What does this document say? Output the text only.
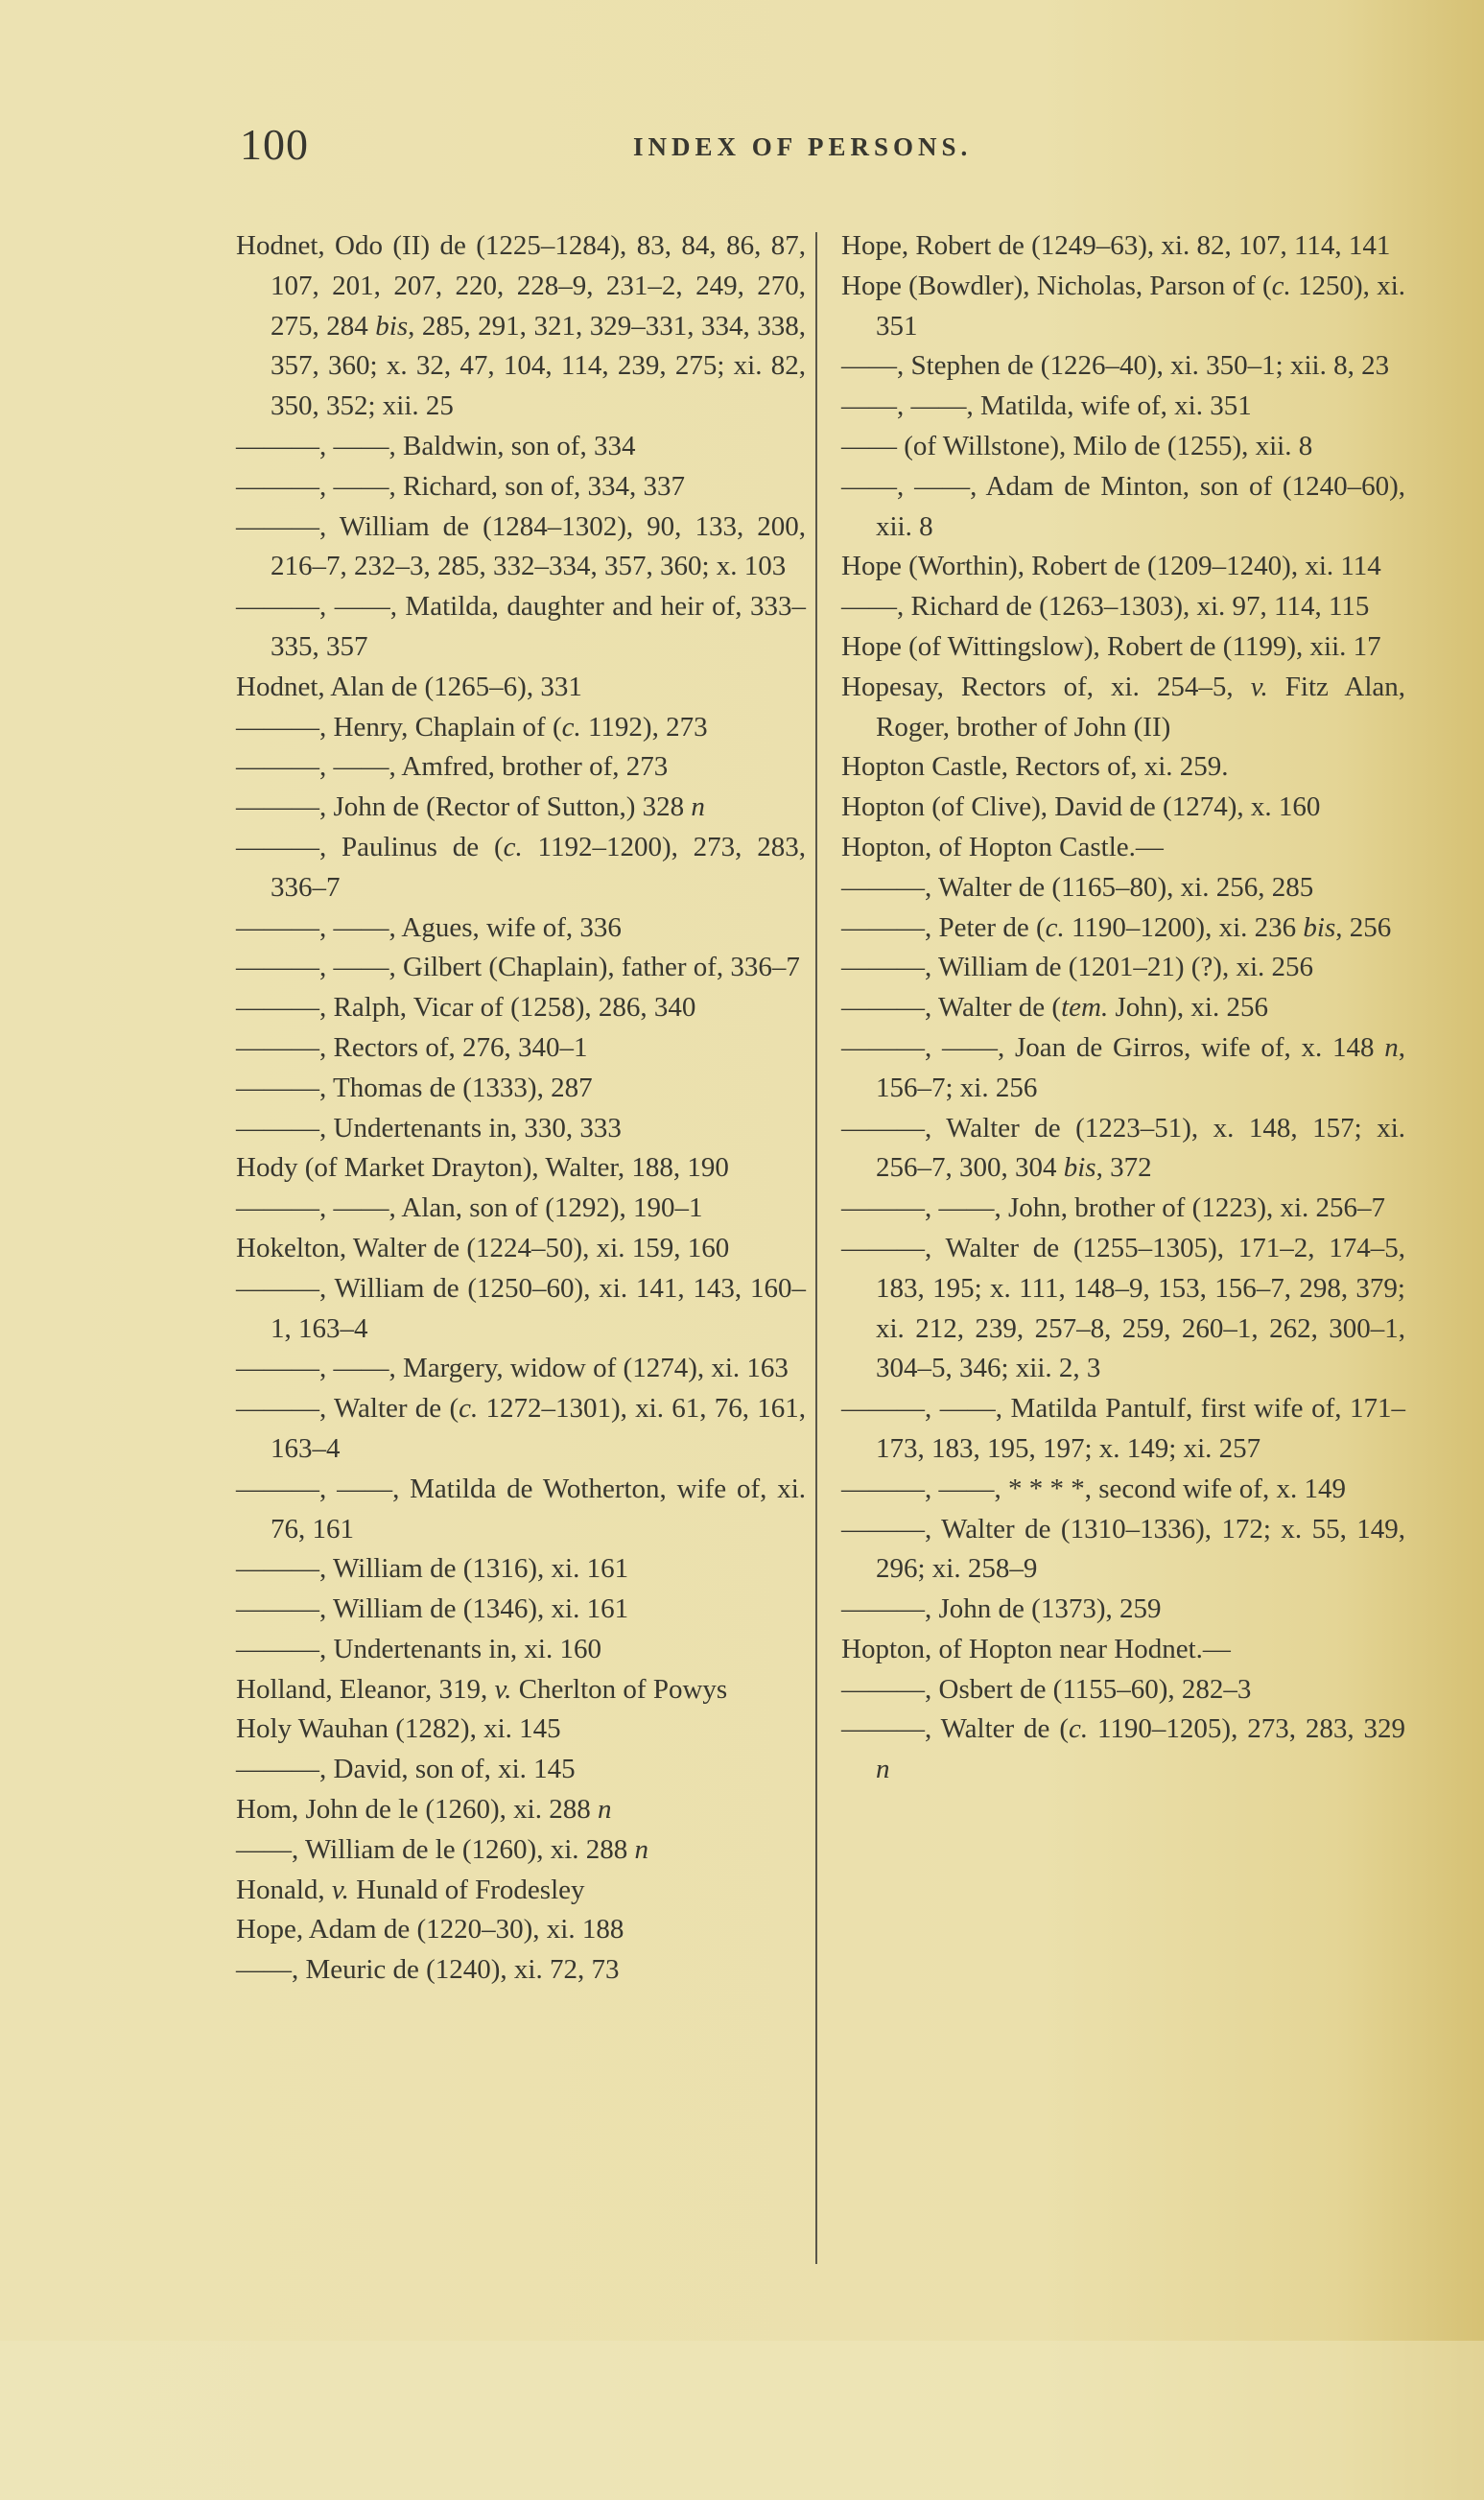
100	INDEX OF PERSONS.
Hodnet, Odo (II) de (1225–1284), 83, 84, 86, 87, 107, 201, 207, 220, 228–9, 231–2, 249, 270, 275, 284 bis, 285, 291, 321, 329–331, 334, 338, 357, 360; x. 32, 47, 104, 114, 239, 275; xi. 82, 350, 352; xii. 25
———, ——, Baldwin, son of, 334
———, ——, Richard, son of, 334, 337
———, William de (1284–1302), 90, 133, 200, 216–7, 232–3, 285, 332–334, 357, 360; x. 103
———, ——, Matilda, daughter and heir of, 333–335, 357
Hodnet, Alan de (1265–6), 331
———, Henry, Chaplain of (c. 1192), 273
———, ——, Amfred, brother of, 273
———, John de (Rector of Sutton,) 328 n
———, Paulinus de (c. 1192–1200), 273, 283, 336–7
———, ——, Agues, wife of, 336
———, ——, Gilbert (Chaplain), father of, 336–7
———, Ralph, Vicar of (1258), 286, 340
———, Rectors of, 276, 340–1
———, Thomas de (1333), 287
———, Undertenants in, 330, 333
Hody (of Market Drayton), Walter, 188, 190
———, ——, Alan, son of (1292), 190–1
Hokelton, Walter de (1224–50), xi. 159, 160
———, William de (1250–60), xi. 141, 143, 160–1, 163–4
———, ——, Margery, widow of (1274), xi. 163
———, Walter de (c. 1272–1301), xi. 61, 76, 161, 163–4
———, ——, Matilda de Wotherton, wife of, xi. 76, 161
———, William de (1316), xi. 161
———, William de (1346), xi. 161
———, Undertenants in, xi. 160
Holland, Eleanor, 319, v. Cherlton of Powys
Holy Wauhan (1282), xi. 145
———, David, son of, xi. 145
Hom, John de le (1260), xi. 288 n
——, William de le (1260), xi. 288 n
Honald, v. Hunald of Frodesley
Hope, Adam de (1220–30), xi. 188
——, Meuric de (1240), xi. 72, 73
Hope, Robert de (1249–63), xi. 82, 107, 114, 141
Hope (Bowdler), Nicholas, Parson of (c. 1250), xi. 351
——, Stephen de (1226–40), xi. 350–1; xii. 8, 23
——, ——, Matilda, wife of, xi. 351
—— (of Willstone), Milo de (1255), xii. 8
——, ——, Adam de Minton, son of (1240–60), xii. 8
Hope (Worthin), Robert de (1209–1240), xi. 114
——, Richard de (1263–1303), xi. 97, 114, 115
Hope (of Wittingslow), Robert de (1199), xii. 17
Hopesay, Rectors of, xi. 254–5, v. Fitz Alan, Roger, brother of John (II)
Hopton Castle, Rectors of, xi. 259.
Hopton (of Clive), David de (1274), x. 160
Hopton, of Hopton Castle.—
———, Walter de (1165–80), xi. 256, 285
———, Peter de (c. 1190–1200), xi. 236 bis, 256
———, William de (1201–21) (?), xi. 256
———, Walter de (tem. John), xi. 256
———, ——, Joan de Girros, wife of, x. 148 n, 156–7; xi. 256
———, Walter de (1223–51), x. 148, 157; xi. 256–7, 300, 304 bis, 372
———, ——, John, brother of (1223), xi. 256–7
———, Walter de (1255–1305), 171–2, 174–5, 183, 195; x. 111, 148–9, 153, 156–7, 298, 379; xi. 212, 239, 257–8, 259, 260–1, 262, 300–1, 304–5, 346; xii. 2, 3
———, ——, Matilda Pantulf, first wife of, 171–173, 183, 195, 197; x. 149; xi. 257
———, ——, * * * *, second wife of, x. 149
———, Walter de (1310–1336), 172; x. 55, 149, 296; xi. 258–9
———, John de (1373), 259
Hopton, of Hopton near Hodnet.—
———, Osbert de (1155–60), 282–3
———, Walter de (c. 1190–1205), 273, 283, 329 n
